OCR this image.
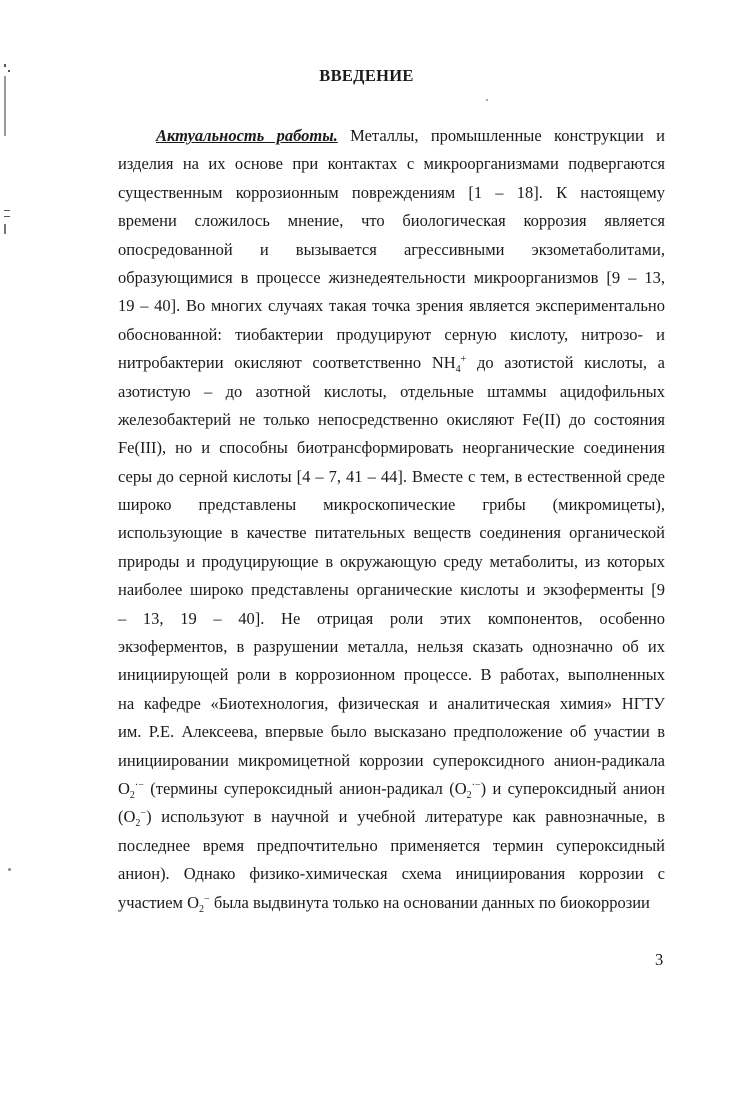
ВВЕДЕНИЕ
Актуальность работы. Металлы, промышленные конструкции и
изделия на их основе при контактах с микроорганизмами подвергаются
существенным коррозионным повреждениям [1 – 18]. К настоящему
времени сложилось мнение, что биологическая коррозия является
опосредованной и вызывается агрессивными экзометаболитами,
образующимися в процессе жизнедеятельности микроорганизмов [9 – 13,
19 – 40]. Во многих случаях такая точка зрения является экспериментально
обоснованной: тиобактерии продуцируют серную кислоту, нитрозо- и
нитробактерии окисляют соответственно $NH_4^+$ до азотистой кислоты, а
азотистую – до азотной кислоты, отдельные штаммы ацидофильных
железобактерий не только непосредственно окисляют Fe(II) до состояния
Fe(III), но и способны биотрансформировать неорганические соединения
серы до серной кислоты [4 – 7, 41 – 44]. Вместе с тем, в естественной среде
широко представлены микроскопические грибы (микромицеты),
использующие в качестве питательных веществ соединения органической
природы и продуцирующие в окружающую среду метаболиты, из которых
наиболее широко представлены органические кислоты и экзоферменты [9
– 13, 19 – 40]. Не отрицая роли этих компонентов, особенно
экзоферментов, в разрушении металла, нельзя сказать однозначно об их
инициирующей роли в коррозионном процессе. В работах, выполненных
на кафедре «Биотехнология, физическая и аналитическая химия» НГТУ
им. Р.Е. Алексеева, впервые было высказано предположение об участии в
инициировании микромицетной коррозии супероксидного анион-радикала
$O_2^{\cdot-}$ (термины супероксидный анион-радикал $(O_2^{\cdot-})$ и супероксидный анион
$(O_2^-)$ используют в научной и учебной литературе как равнозначные, в
последнее время предпочтительно применяется термин супероксидный
анион). Однако физико-химическая схема инициирования коррозии с
участием $O_2^-$ была выдвинута только на основании данных по биокоррозии
3
